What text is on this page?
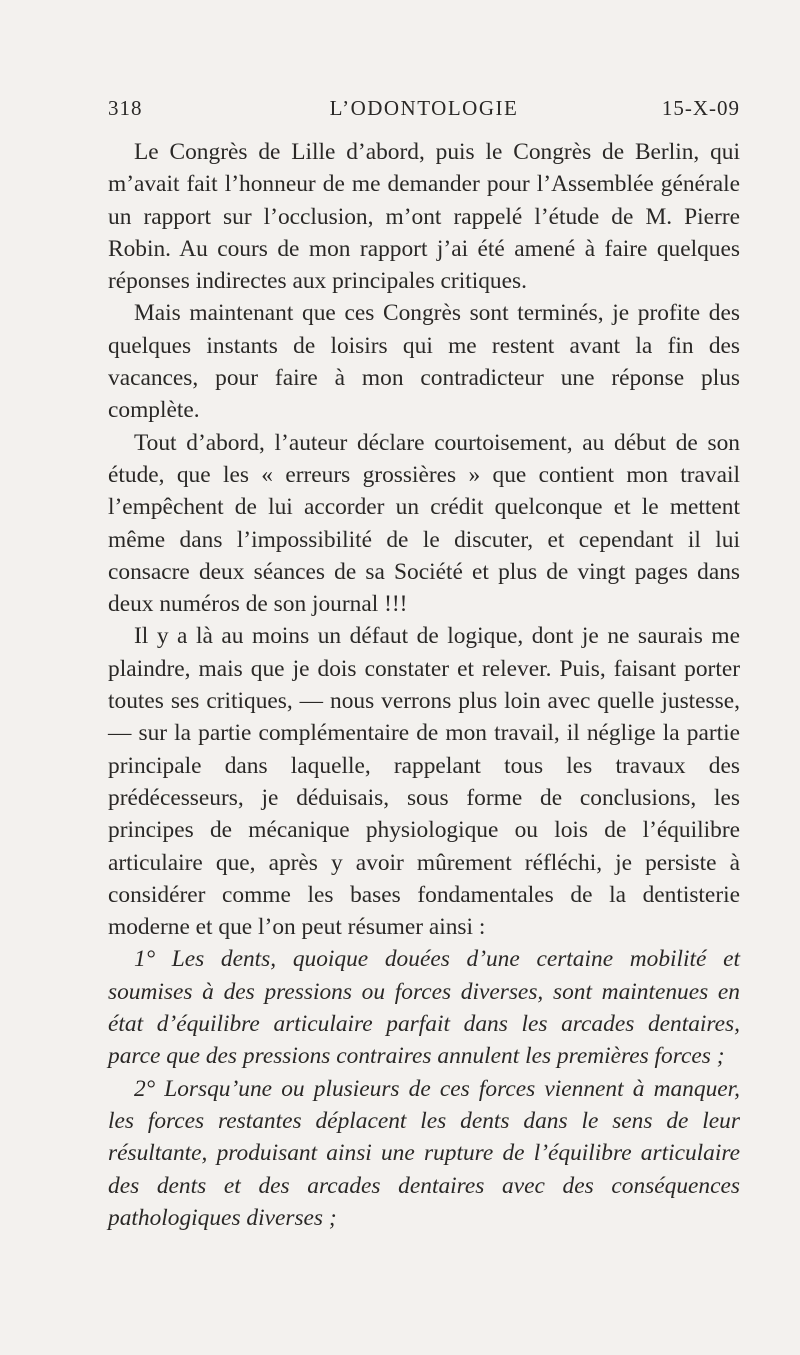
318	L’ODONTOLOGIE	15-X-09

Le Congrès de Lille d’abord, puis le Congrès de Berlin, qui m’avait fait l’honneur de me demander pour l’Assemblée générale un rapport sur l’occlusion, m’ont rappelé l’étude de M. Pierre Robin. Au cours de mon rapport j’ai été amené à faire quelques réponses indirectes aux principales critiques.

Mais maintenant que ces Congrès sont terminés, je profite des quelques instants de loisirs qui me restent avant la fin des vacances, pour faire à mon contradicteur une réponse plus complète.

Tout d’abord, l’auteur déclare courtoisement, au début de son étude, que les « erreurs grossières » que contient mon travail l’empêchent de lui accorder un crédit quelconque et le mettent même dans l’impossibilité de le discuter, et cependant il lui consacre deux séances de sa Société et plus de vingt pages dans deux numéros de son journal !!!

Il y a là au moins un défaut de logique, dont je ne saurais me plaindre, mais que je dois constater et relever. Puis, faisant porter toutes ses critiques, — nous verrons plus loin avec quelle justesse, — sur la partie complémentaire de mon travail, il néglige la partie principale dans laquelle, rappelant tous les travaux des prédécesseurs, je déduisais, sous forme de conclusions, les principes de mécanique physiologique ou lois de l’équilibre articulaire que, après y avoir mûrement réfléchi, je persiste à considérer comme les bases fondamentales de la dentisterie moderne et que l’on peut résumer ainsi :

1° Les dents, quoique douées d’une certaine mobilité et soumises à des pressions ou forces diverses, sont maintenues en état d’équilibre articulaire parfait dans les arcades dentaires, parce que des pressions contraires annulent les premières forces ;

2° Lorsqu’une ou plusieurs de ces forces viennent à manquer, les forces restantes déplacent les dents dans le sens de leur résultante, produisant ainsi une rupture de l’équilibre articulaire des dents et des arcades dentaires avec des conséquences pathologiques diverses ;
